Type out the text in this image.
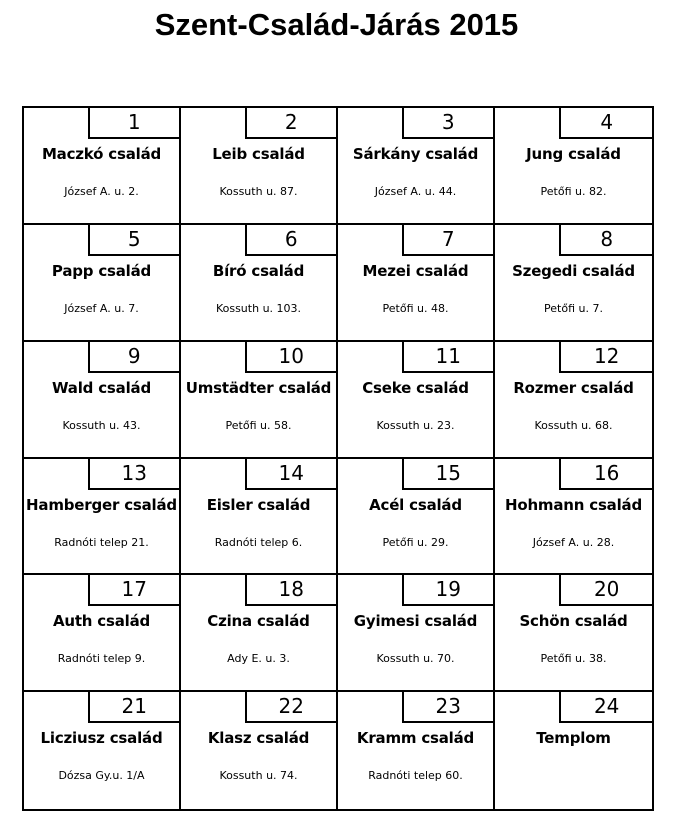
Szent-Család-Járás 2015
1
Maczkó család
József A. u. 2.
2
Leib család
Kossuth u. 87.
3
Sárkány család
József A. u. 44.
4
Jung család
Petőfi u. 82.
5
Papp család
József A. u. 7.
6
Bíró család
Kossuth u. 103.
7
Mezei család
Petőfi u. 48.
8
Szegedi család
Petőfi u. 7.
9
Wald család
Kossuth u. 43.
10
Umstädter család
Petőfi u. 58.
11
Cseke család
Kossuth u. 23.
12
Rozmer család
Kossuth u. 68.
13
Hamberger család
Radnóti telep 21.
14
Eisler család
Radnóti telep 6.
15
Acél család
Petőfi u. 29.
16
Hohmann család
József A. u. 28.
17
Auth család
Radnóti telep 9.
18
Czina család
Ady E. u. 3.
19
Gyimesi család
Kossuth u. 70.
20
Schön család
Petőfi u. 38.
21
Licziusz család
Dózsa Gy.u. 1/A
22
Klasz család
Kossuth u. 74.
23
Kramm család
Radnóti telep 60.
24
Templom
